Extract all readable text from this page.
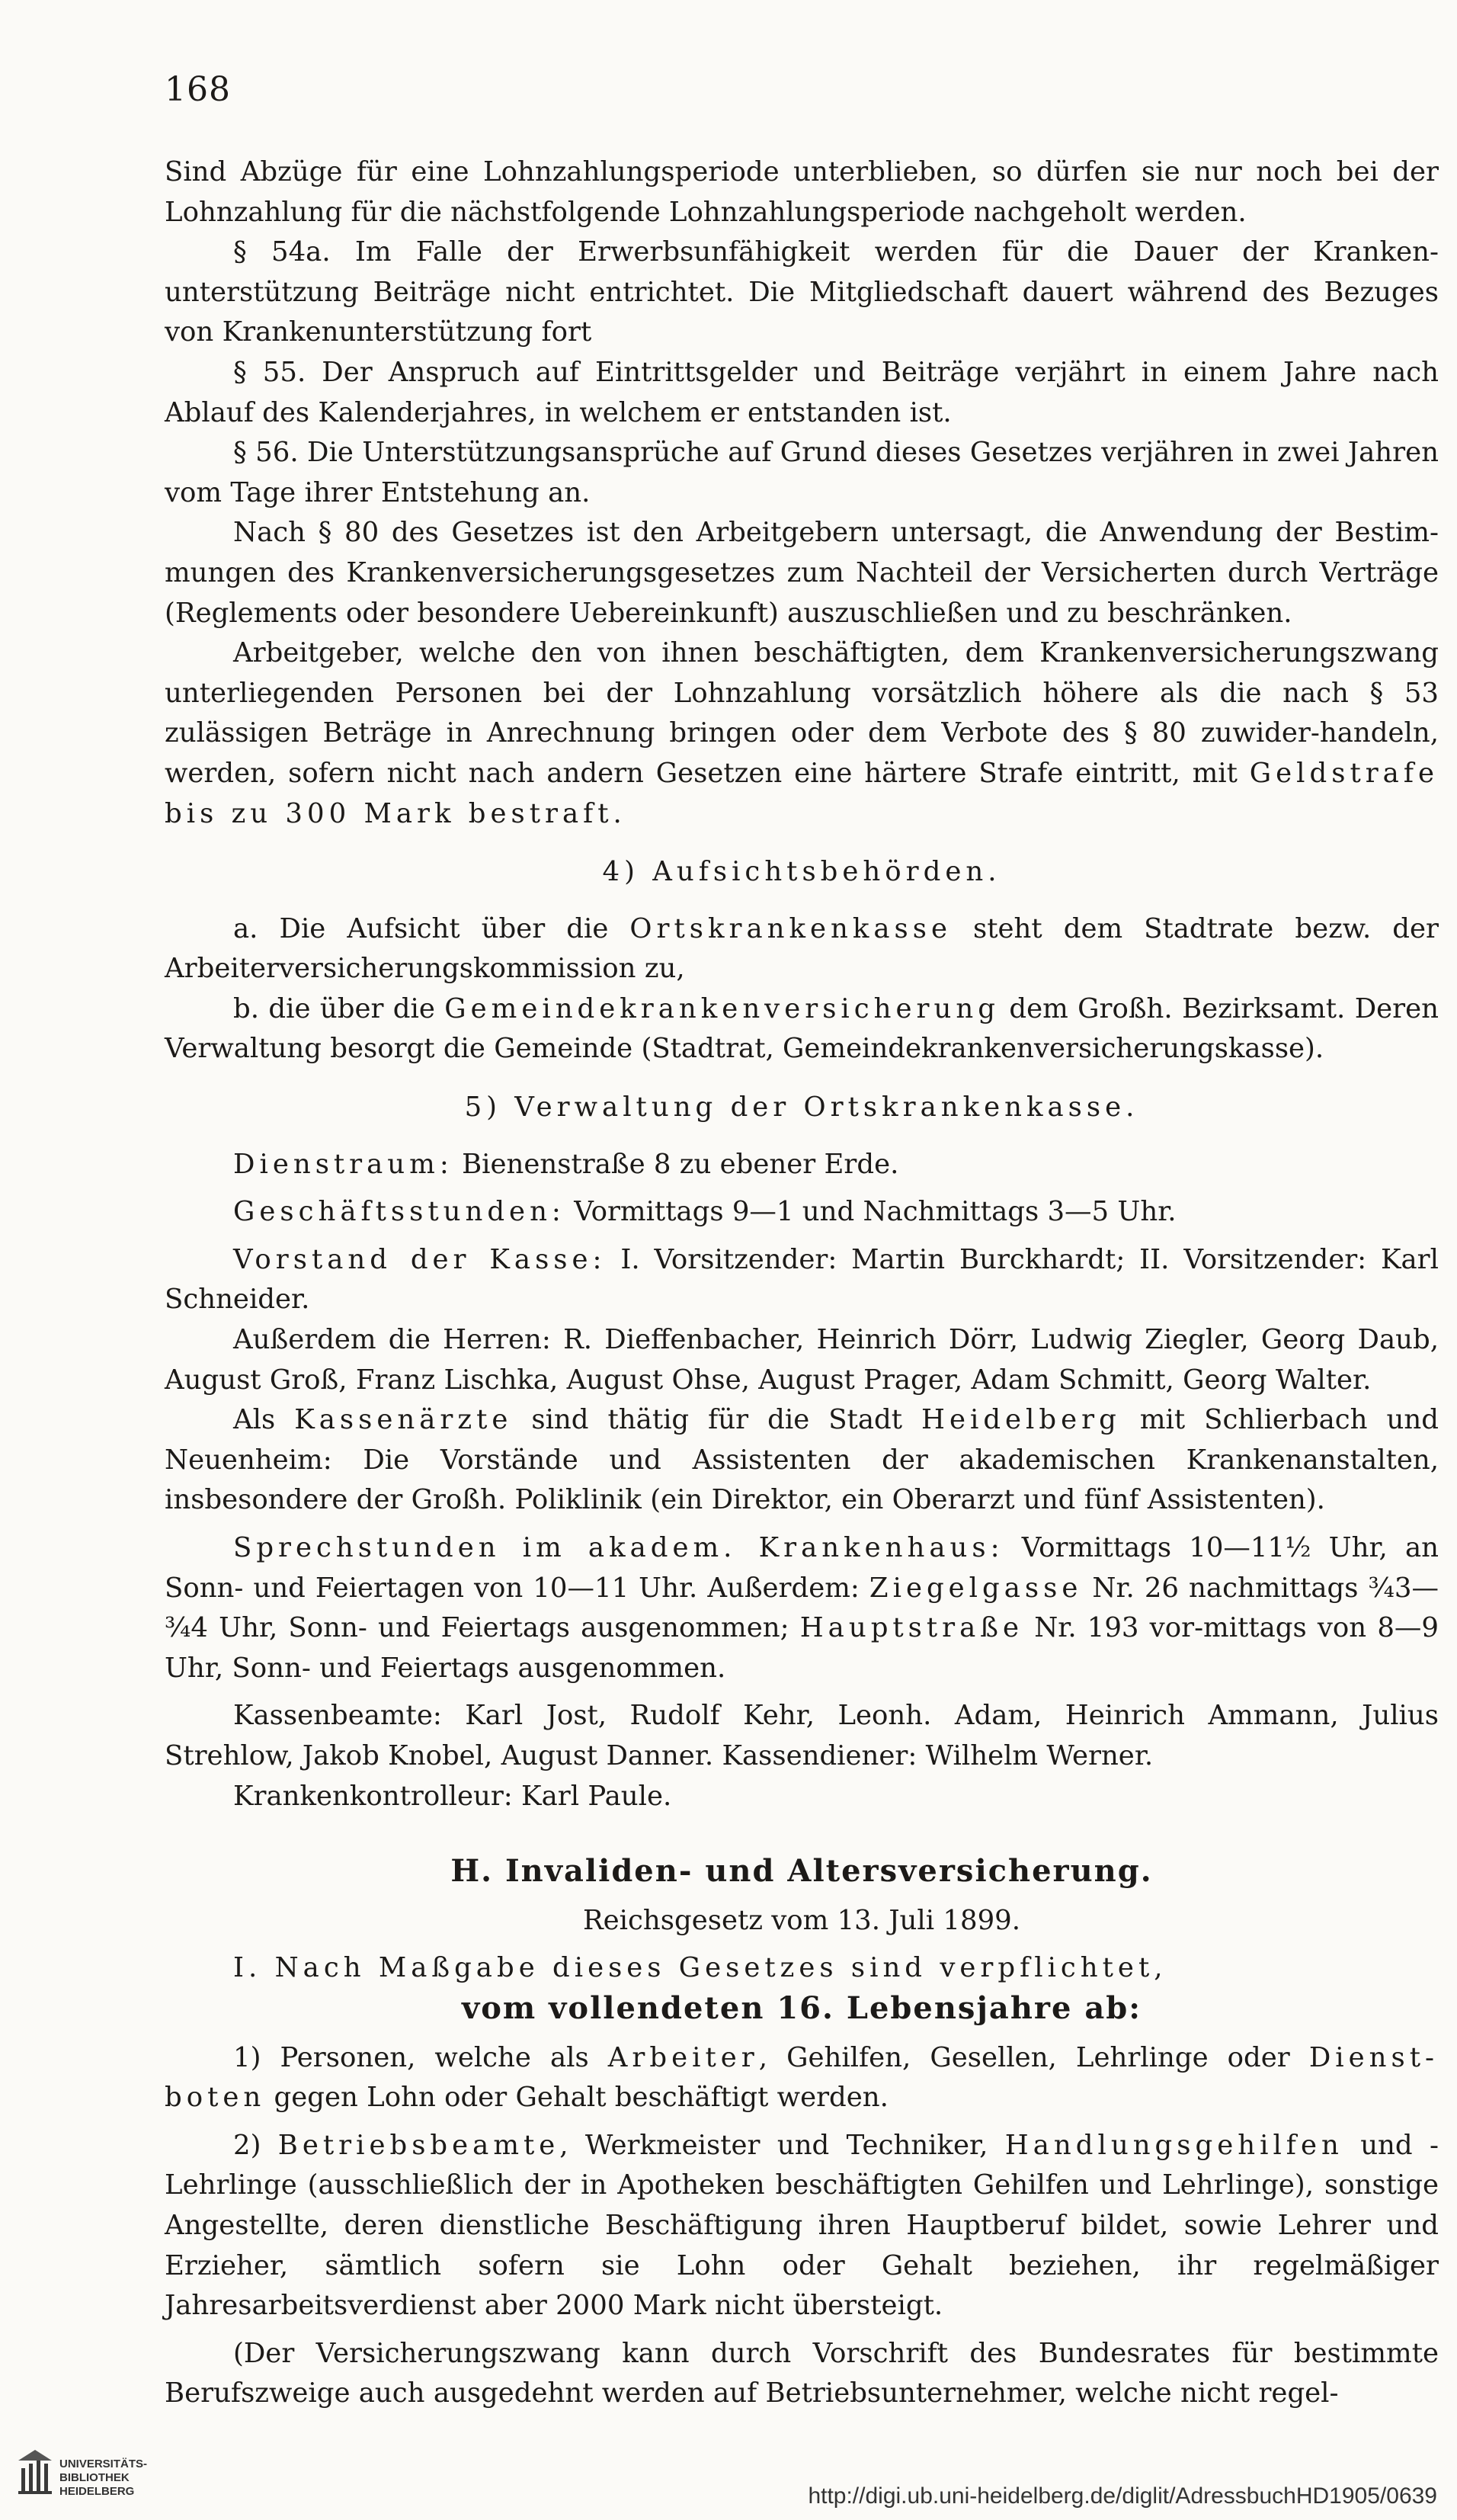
168

Sind Abzüge für eine Lohnzahlungsperiode unterblieben, so dürfen sie nur noch bei der Lohnzahlung für die nächstfolgende Lohnzahlungsperiode nachgeholt werden.

§ 54a. Im Falle der Erwerbsunfähigkeit werden für die Dauer der Kranken-unterstützung Beiträge nicht entrichtet. Die Mitgliedschaft dauert während des Bezuges von Krankenunterstützung fort

§ 55. Der Anspruch auf Eintrittsgelder und Beiträge verjährt in einem Jahre nach Ablauf des Kalenderjahres, in welchem er entstanden ist.

§ 56. Die Unterstützungsansprüche auf Grund dieses Gesetzes verjähren in zwei Jahren vom Tage ihrer Entstehung an.

Nach § 80 des Gesetzes ist den Arbeitgebern untersagt, die Anwendung der Bestim-mungen des Krankenversicherungsgesetzes zum Nachteil der Versicherten durch Verträge (Reglements oder besondere Uebereinkunft) auszuschließen und zu beschränken.

Arbeitgeber, welche den von ihnen beschäftigten, dem Krankenversicherungszwang unterliegenden Personen bei der Lohnzahlung vorsätzlich höhere als die nach § 53 zulässigen Beträge in Anrechnung bringen oder dem Verbote des § 80 zuwider-handeln, werden, sofern nicht nach andern Gesetzen eine härtere Strafe eintritt, mit Geldstrafe bis zu 300 Mark bestraft.

4) Aufsichtsbehörden.

a. Die Aufsicht über die Ortskrankenkasse steht dem Stadtrate bezw. der Arbeiterversicherungskommission zu,

b. die über die Gemeindekrankenversicherung dem Großh. Bezirksamt. Deren Verwaltung besorgt die Gemeinde (Stadtrat, Gemeindekrankenversicherungskasse).

5) Verwaltung der Ortskrankenkasse.

Dienstraum: Bienenstraße 8 zu ebener Erde.

Geschäftsstunden: Vormittags 9—1 und Nachmittags 3—5 Uhr.

Vorstand der Kasse: I. Vorsitzender: Martin Burckhardt; II. Vorsitzender: Karl Schneider.

Außerdem die Herren: R. Dieffenbacher, Heinrich Dörr, Ludwig Ziegler, Georg Daub, August Groß, Franz Lischka, August Ohse, August Prager, Adam Schmitt, Georg Walter.

Als Kassenärzte sind thätig für die Stadt Heidelberg mit Schlierbach und Neuenheim: Die Vorstände und Assistenten der akademischen Krankenanstalten, insbesondere der Großh. Poliklinik (ein Direktor, ein Oberarzt und fünf Assistenten).

Sprechstunden im akadem. Krankenhaus: Vormittags 10—11½ Uhr, an Sonn- und Feiertagen von 10—11 Uhr. Außerdem: Ziegelgasse Nr. 26 nachmittags ¾3—¾4 Uhr, Sonn- und Feiertags ausgenommen; Hauptstraße Nr. 193 vor-mittags von 8—9 Uhr, Sonn- und Feiertags ausgenommen.

Kassenbeamte: Karl Jost, Rudolf Kehr, Leonh. Adam, Heinrich Ammann, Julius Strehlow, Jakob Knobel, August Danner. Kassendiener: Wilhelm Werner.

Krankenkontrolleur: Karl Paule.

H. Invaliden- und Altersversicherung.

Reichsgesetz vom 13. Juli 1899.

I. Nach Maßgabe dieses Gesetzes sind verpflichtet,

vom vollendeten 16. Lebensjahre ab:

1) Personen, welche als Arbeiter, Gehilfen, Gesellen, Lehrlinge oder Dienst-boten gegen Lohn oder Gehalt beschäftigt werden.

2) Betriebsbeamte, Werkmeister und Techniker, Handlungsgehilfen und -Lehrlinge (ausschließlich der in Apotheken beschäftigten Gehilfen und Lehrlinge), sonstige Angestellte, deren dienstliche Beschäftigung ihren Hauptberuf bildet, sowie Lehrer und Erzieher, sämtlich sofern sie Lohn oder Gehalt beziehen, ihr regelmäßiger Jahresarbeitsverdienst aber 2000 Mark nicht übersteigt.

(Der Versicherungszwang kann durch Vorschrift des Bundesrates für bestimmte Berufszweige auch ausgedehnt werden auf Betriebsunternehmer, welche nicht regel-

UNIVERSITÄTS-
BIBLIOTHEK
HEIDELBERG	http://digi.ub.uni-heidelberg.de/diglit/AdressbuchHD1905/0639
